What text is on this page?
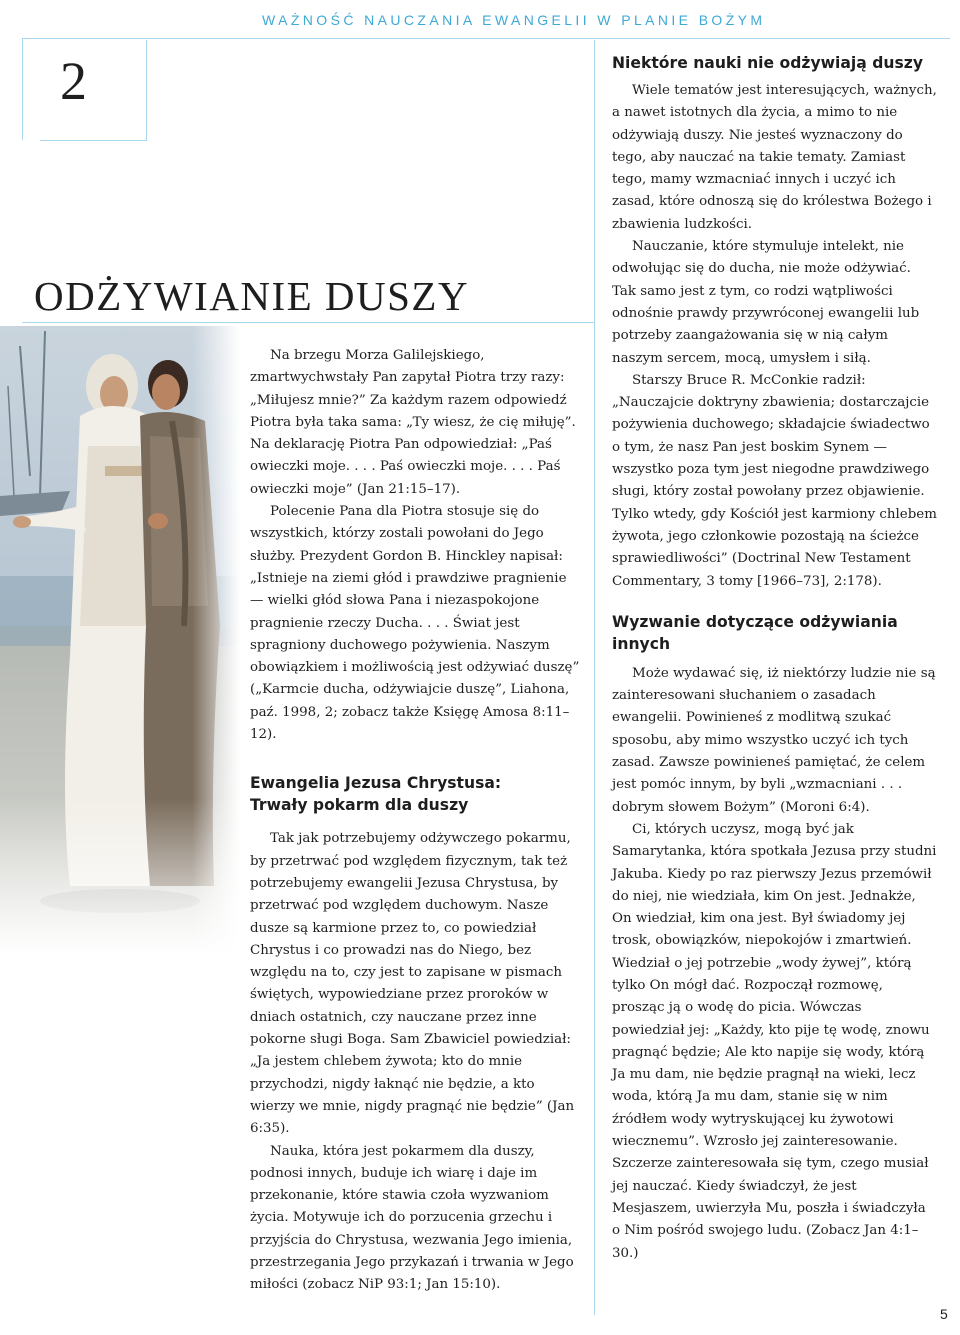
WAŻNOŚĆ NAUCZANIA EWANGELII W PLANIE BOŻYM
2
ODŻYWIANIE DUSZY

Na brzegu Morza Galilejskiego, zmartwychwstały Pan zapytał Piotra trzy razy: „Miłujesz mnie?” Za każdym razem odpowiedź Piotra była taka sama: „Ty wiesz, że cię miłuję”. Na deklarację Piotra Pan odpowiedział: „Paś owieczki moje. . . . Paś owieczki moje. . . . Paś owieczki moje” (Jan 21:15–17).

Polecenie Pana dla Piotra stosuje się do wszystkich, którzy zostali powołani do Jego służby. Prezydent Gordon B. Hinckley napisał: „Istnieje na ziemi głód i prawdziwe pragnienie — wielki głód słowa Pana i niezaspokojone pragnienie rzeczy Ducha. . . . Świat jest spragniony duchowego pożywienia. Naszym obowiązkiem i możliwością jest odżywiać duszę” („Karmcie ducha, odżywiajcie duszę”, Liahona, paź. 1998, 2; zobacz także Księgę Amosa 8:11–12).

Ewangelia Jezusa Chrystusa:
Trwały pokarm dla duszy

Tak jak potrzebujemy odżywczego pokarmu, by przetrwać pod względem fizycznym, tak też potrzebujemy ewangelii Jezusa Chrystusa, by przetrwać pod względem duchowym. Nasze dusze są karmione przez to, co powiedział Chrystus i co prowadzi nas do Niego, bez względu na to, czy jest to zapisane w pismach świętych, wypowiedziane przez proroków w dniach ostatnich, czy nauczane przez inne pokorne sługi Boga. Sam Zbawiciel powiedział: „Ja jestem chlebem żywota; kto do mnie przychodzi, nigdy łaknąć nie będzie, a kto wierzy we mnie, nigdy pragnąć nie będzie” (Jan 6:35).

Nauka, która jest pokarmem dla duszy, podnosi innych, buduje ich wiarę i daje im przekonanie, które stawia czoła wyzwaniom życia. Motywuje ich do porzucenia grzechu i przyjścia do Chrystusa, wezwania Jego imienia, przestrzegania Jego przykazań i trwania w Jego miłości (zobacz NiP 93:1; Jan 15:10).

Niektóre nauki nie odżywiają duszy

Wiele tematów jest interesujących, ważnych, a nawet istotnych dla życia, a mimo to nie odżywiają duszy. Nie jesteś wyznaczony do tego, aby nauczać na takie tematy. Zamiast tego, mamy wzmacniać innych i uczyć ich zasad, które odnoszą się do królestwa Bożego i zbawienia ludzkości.

Nauczanie, które stymuluje intelekt, nie odwołując się do ducha, nie może odżywiać. Tak samo jest z tym, co rodzi wątpliwości odnośnie prawdy przywróconej ewangelii lub potrzeby zaangażowania się w nią całym naszym sercem, mocą, umysłem i siłą.

Starszy Bruce R. McConkie radził: „Nauczajcie doktryny zbawienia; dostarczajcie pożywienia duchowego; składajcie świadectwo o tym, że nasz Pan jest boskim Synem — wszystko poza tym jest niegodne prawdziwego sługi, który został powołany przez objawienie. Tylko wtedy, gdy Kościół jest karmiony chlebem żywota, jego członkowie pozostają na ścieżce sprawiedliwości” (Doctrinal New Testament Commentary, 3 tomy [1966–73], 2:178).

Wyzwanie dotyczące odżywiania
innych

Może wydawać się, iż niektórzy ludzie nie są zainteresowani słuchaniem o zasadach ewangelii. Powinieneś z modlitwą szukać sposobu, aby mimo wszystko uczyć ich tych zasad. Zawsze powinieneś pamiętać, że celem jest pomóc innym, by byli „wzmacniani . . . dobrym słowem Bożym” (Moroni 6:4).

Ci, których uczysz, mogą być jak Samarytanka, która spotkała Jezusa przy studni Jakuba. Kiedy po raz pierwszy Jezus przemówił do niej, nie wiedziała, kim On jest. Jednakże, On wiedział, kim ona jest. Był świadomy jej trosk, obowiązków, niepokojów i zmartwień. Wiedział o jej potrzebie „wody żywej”, którą tylko On mógł dać. Rozpoczął rozmowę, prosząc ją o wodę do picia. Wówczas powiedział jej: „Każdy, kto pije tę wodę, znowu pragnąć będzie; Ale kto napije się wody, którą Ja mu dam, nie będzie pragnął na wieki, lecz woda, którą Ja mu dam, stanie się w nim źródłem wody wytryskującej ku żywotowi wiecznemu”. Wzrosło jej zainteresowanie. Szczerze zainteresowała się tym, czego musiał jej nauczać. Kiedy świadczył, że jest Mesjaszem, uwierzyła Mu, poszła i świadczyła o Nim pośród swojego ludu. (Zobacz Jan 4:1–30.)

5
